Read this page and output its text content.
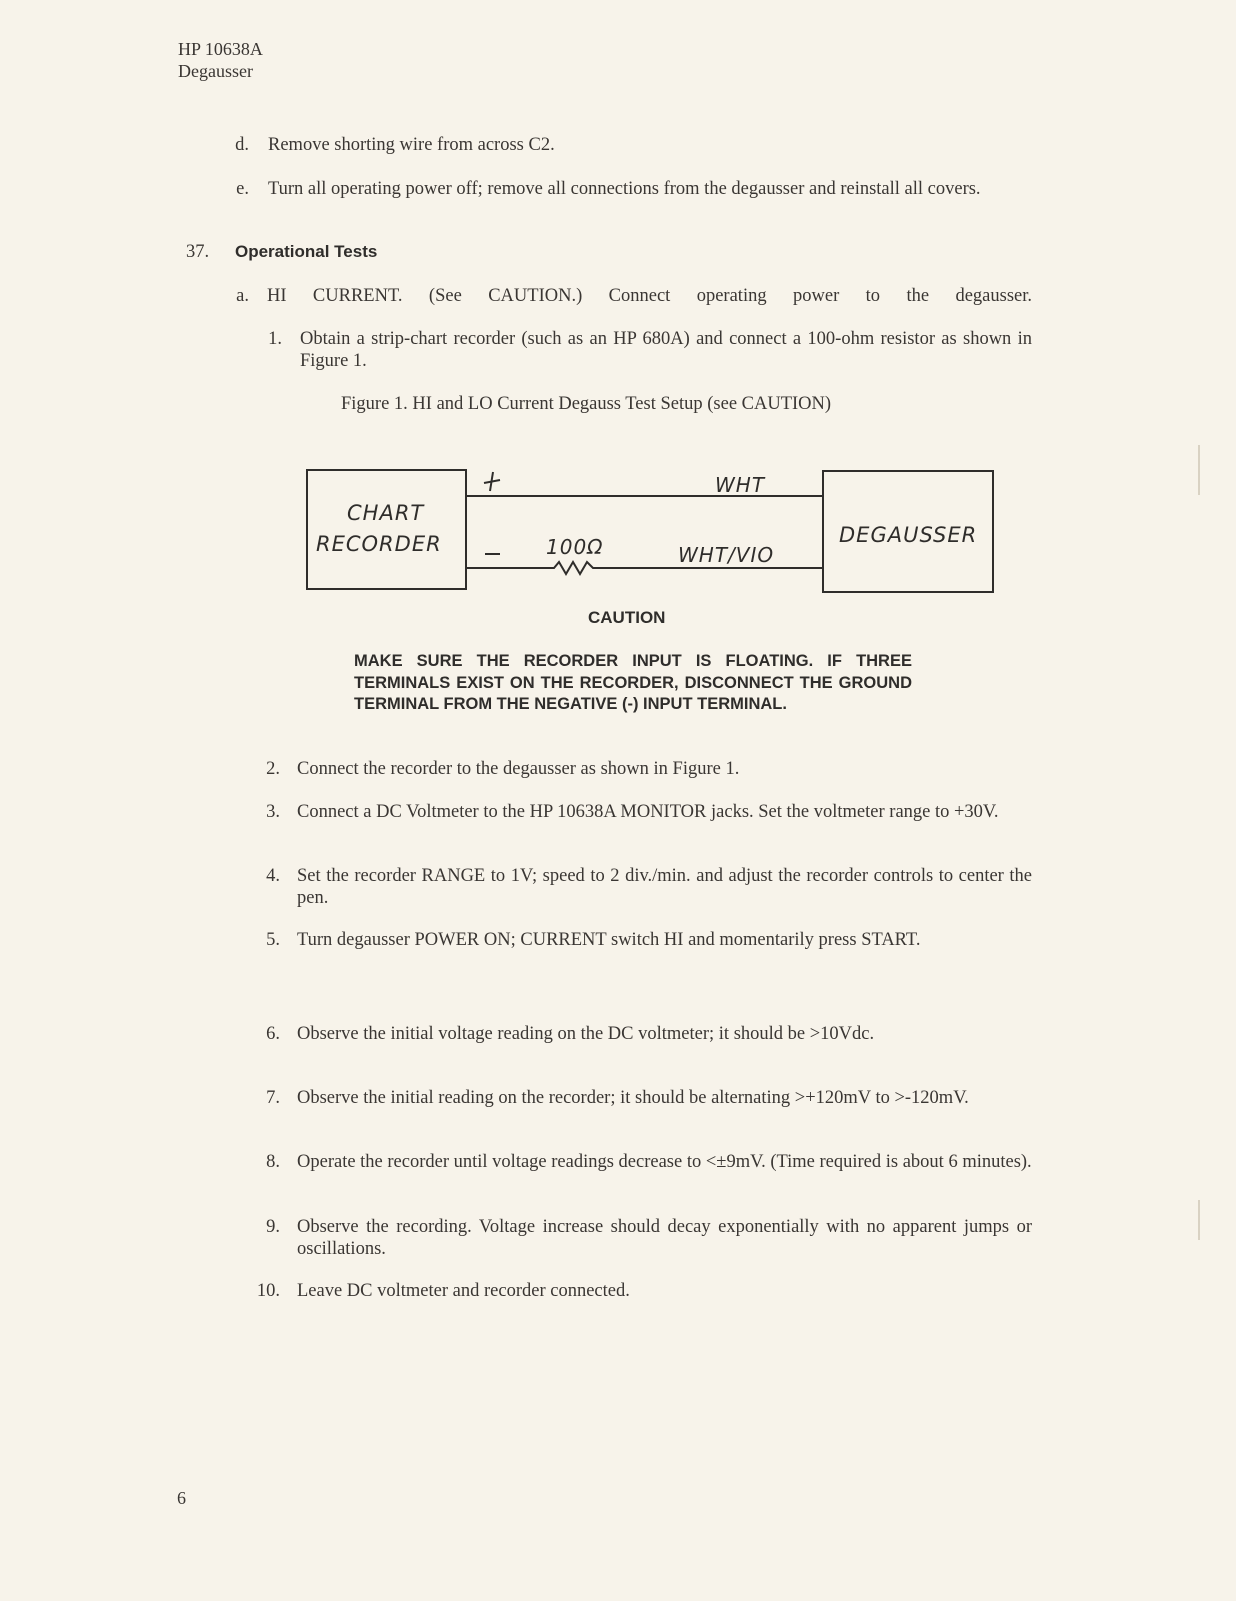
HP 10638A
Degausser
d. Remove shorting wire from across C2.
e. Turn all operating power off; remove all connections from the degausser and reinstall all covers.
37.	Operational Tests
a. HI CURRENT. (See CAUTION.) Connect operating power to the degausser.
1. Obtain a strip-chart recorder (such as an HP 680A) and connect a 100-ohm resistor as shown in Figure 1.
Figure 1. HI and LO Current Degauss Test Setup (see CAUTION)
CHART
RECORDER	DEGAUSSER
WHT
WHT/VIO
100Ω
CAUTION
MAKE SURE THE RECORDER INPUT IS FLOATING. IF THREE TERMINALS EXIST ON THE RECORDER, DISCONNECT THE GROUND TERMINAL FROM THE NEGATIVE (-) INPUT TERMINAL.
2. Connect the recorder to the degausser as shown in Figure 1.
3. Connect a DC Voltmeter to the HP 10638A MONITOR jacks. Set the voltmeter range to +30V.
4. Set the recorder RANGE to 1V; speed to 2 div./min. and adjust the recorder controls to center the pen.
5. Turn degausser POWER ON; CURRENT switch HI and momentarily press START.
6. Observe the initial voltage reading on the DC voltmeter; it should be >10Vdc.
7. Observe the initial reading on the recorder; it should be alternating >+120mV to >-120mV.
8. Operate the recorder until voltage readings decrease to <±9mV. (Time required is about 6 minutes).
9. Observe the recording. Voltage increase should decay exponentially with no apparent jumps or oscillations.
10. Leave DC voltmeter and recorder connected.
6
